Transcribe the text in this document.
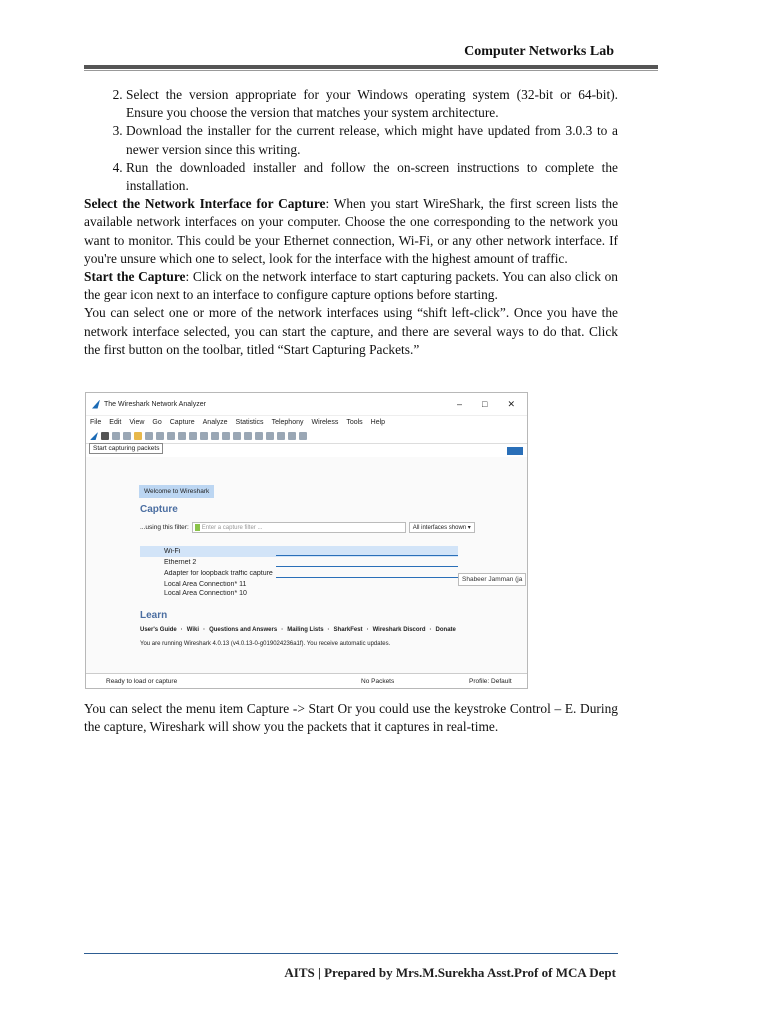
Computer Networks Lab
2. Select the version appropriate for your Windows operating system (32-bit or 64-bit). Ensure you choose the version that matches your system architecture.
3. Download the installer for the current release, which might have updated from 3.0.3 to a newer version since this writing.
4. Run the downloaded installer and follow the on-screen instructions to complete the installation.

Select the Network Interface for Capture: When you start WireShark, the first screen lists the available network interfaces on your computer. Choose the one corresponding to the network you want to monitor. This could be your Ethernet connection, Wi-Fi, or any other network interface. If you're unsure which one to select, look for the interface with the highest amount of traffic.

Start the Capture: Click on the network interface to start capturing packets. You can also click on the gear icon next to an interface to configure capture options before starting.

You can select one or more of the network interfaces using “shift left-click”. Once you have the network interface selected, you can start the capture, and there are several ways to do that. Click the first button on the toolbar, titled “Start Capturing Packets.”

The Wireshark Network Analyzer	– □ ✕
File Edit View Go Capture Analyze Statistics Telephony Wireless Tools Help
Start capturing packets
Welcome to Wireshark
Capture
...using this filter: Enter a capture filter ...	All interfaces shown ▾
Wi-Fi
Ethernet 2
Adapter for loopback traffic capture
Local Area Connection* 11
Local Area Connection* 10
Shabeer Jamman (ja
Learn
User's Guide · Wiki · Questions and Answers · Mailing Lists · SharkFest · Wireshark Discord · Donate
You are running Wireshark 4.0.13 (v4.0.13-0-g019024236a1f). You receive automatic updates.
Ready to load or capture	No Packets	Profile: Default
You can select the menu item Capture -> Start Or you could use the keystroke Control – E. During the capture, Wireshark will show you the packets that it captures in real-time.
AITS | Prepared by Mrs.M.Surekha Asst.Prof of MCA Dept
